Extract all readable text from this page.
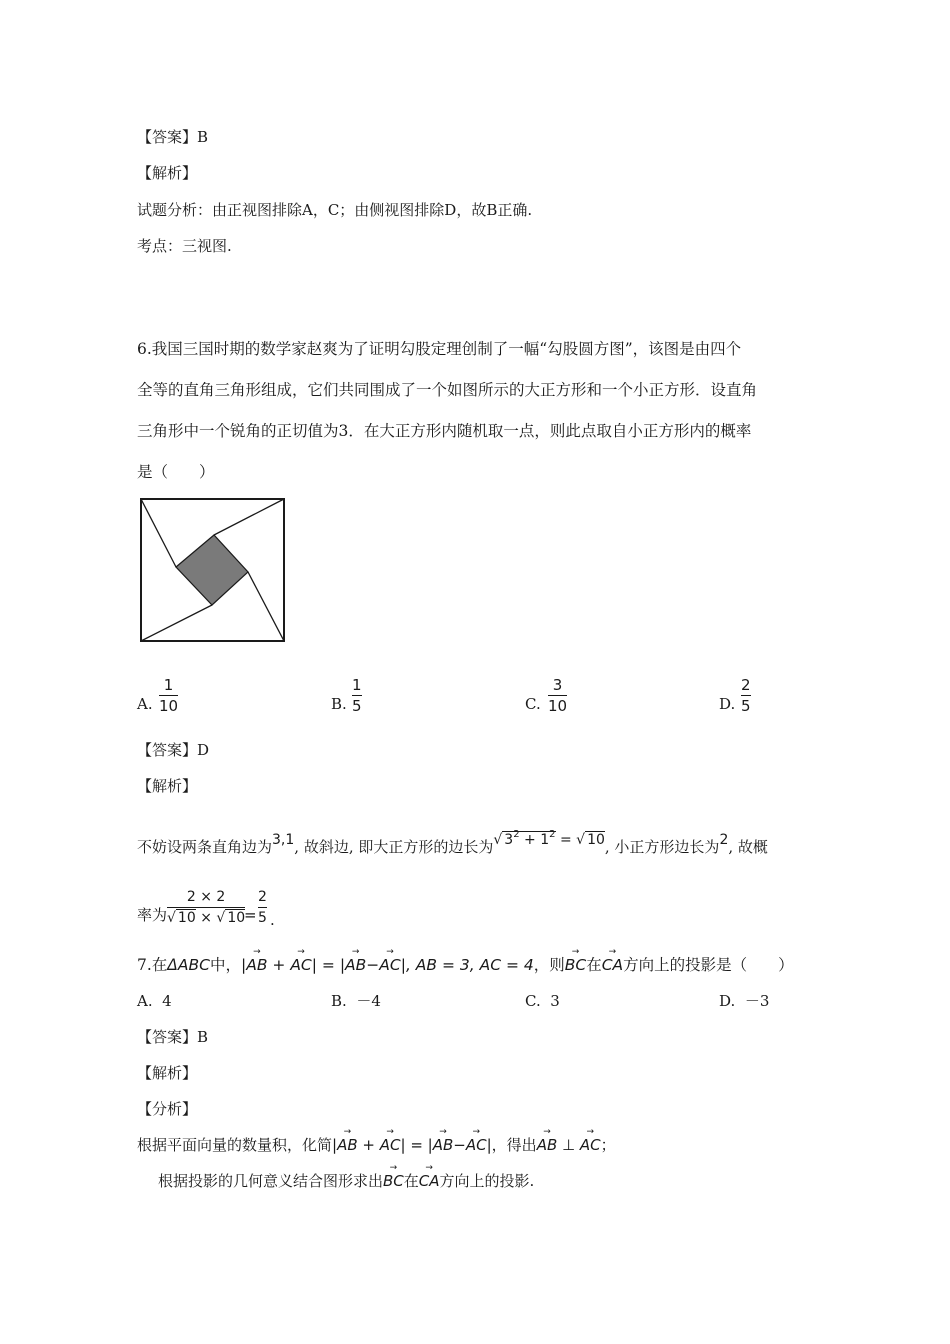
【答案】B
【解析】
试题分析：由正视图排除A，C；由侧视图排除D，故B正确.
考点：三视图.
6.我国三国时期的数学家赵爽为了证明勾股定理创制了一幅“勾股圆方图”，该图是由四个
全等的直角三角形组成，它们共同围成了一个如图所示的大正方形和一个小正方形．设直角
三角形中一个锐角的正切值为3．在大正方形内随机取一点，则此点取自小正方形内的概率
是（　　）
A.
1
10	B.
1
5	C.
3
10	D.
2
5
【答案】D
【解析】
不妨设两条直角边为3,1, 故斜边, 即大正方形的边长为√ $3^2 + 1^2$ = √ 10, 小正方形边长为2, 故概
率为
2 × 2
√ 10 × √ 10
=
2
5 .
7.在ΔABC中，|AB
→
+ AC
→
| = |AB
→
−AC
→
|, AB = 3, AC = 4，则BC
→
在CA
→
方向上的投影是（　　）
A. 4	B. －4	C. 3	D. －3
【答案】B
【解析】
【分析】
根据平面向量的数量积，化简|AB
→
+ AC
→
| = |AB
→
−AC
→
|，得出AB
→
⊥ AC
→
；
根据投影的几何意义结合图形求出BC
→
在CA
→
方向上的投影.
